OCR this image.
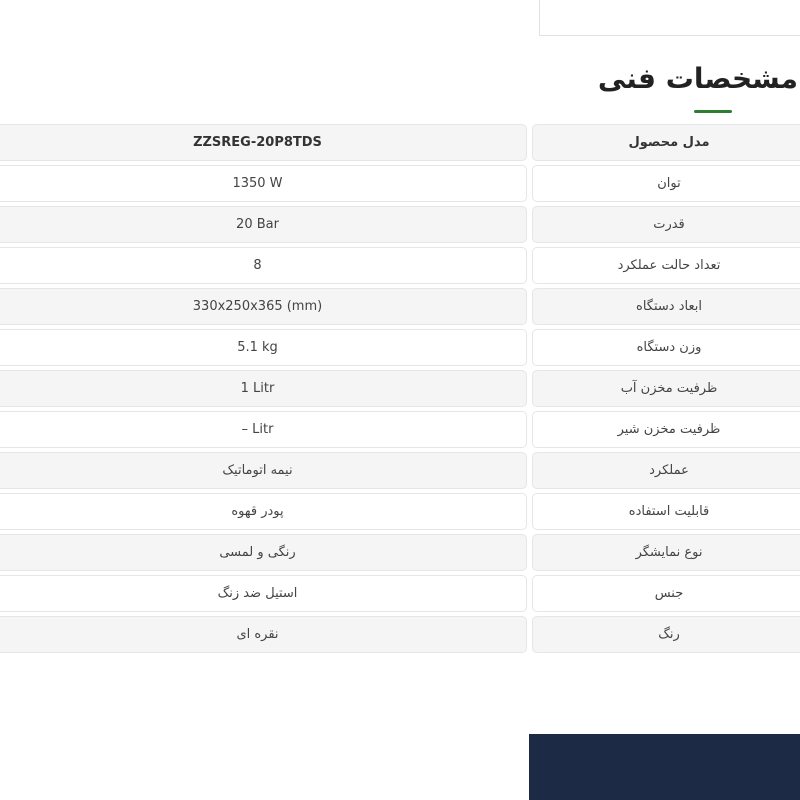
مشخصات فنی
ZZSREG-20P8TDS	مدل محصول
1350 W	توان
20 Bar	قدرت
8	تعداد حالت عملکرد
330x250x365 (mm)	ابعاد دستگاه
5.1 kg	وزن دستگاه
1 Litr	ظرفیت مخزن آب
– Litr	ظرفیت مخزن شیر
نیمه اتوماتیک	عملکرد
پودر قهوه	قابلیت استفاده
رنگی و لمسی	نوع نمایشگر
استیل ضد زنگ	جنس
نقره ای	رنگ
